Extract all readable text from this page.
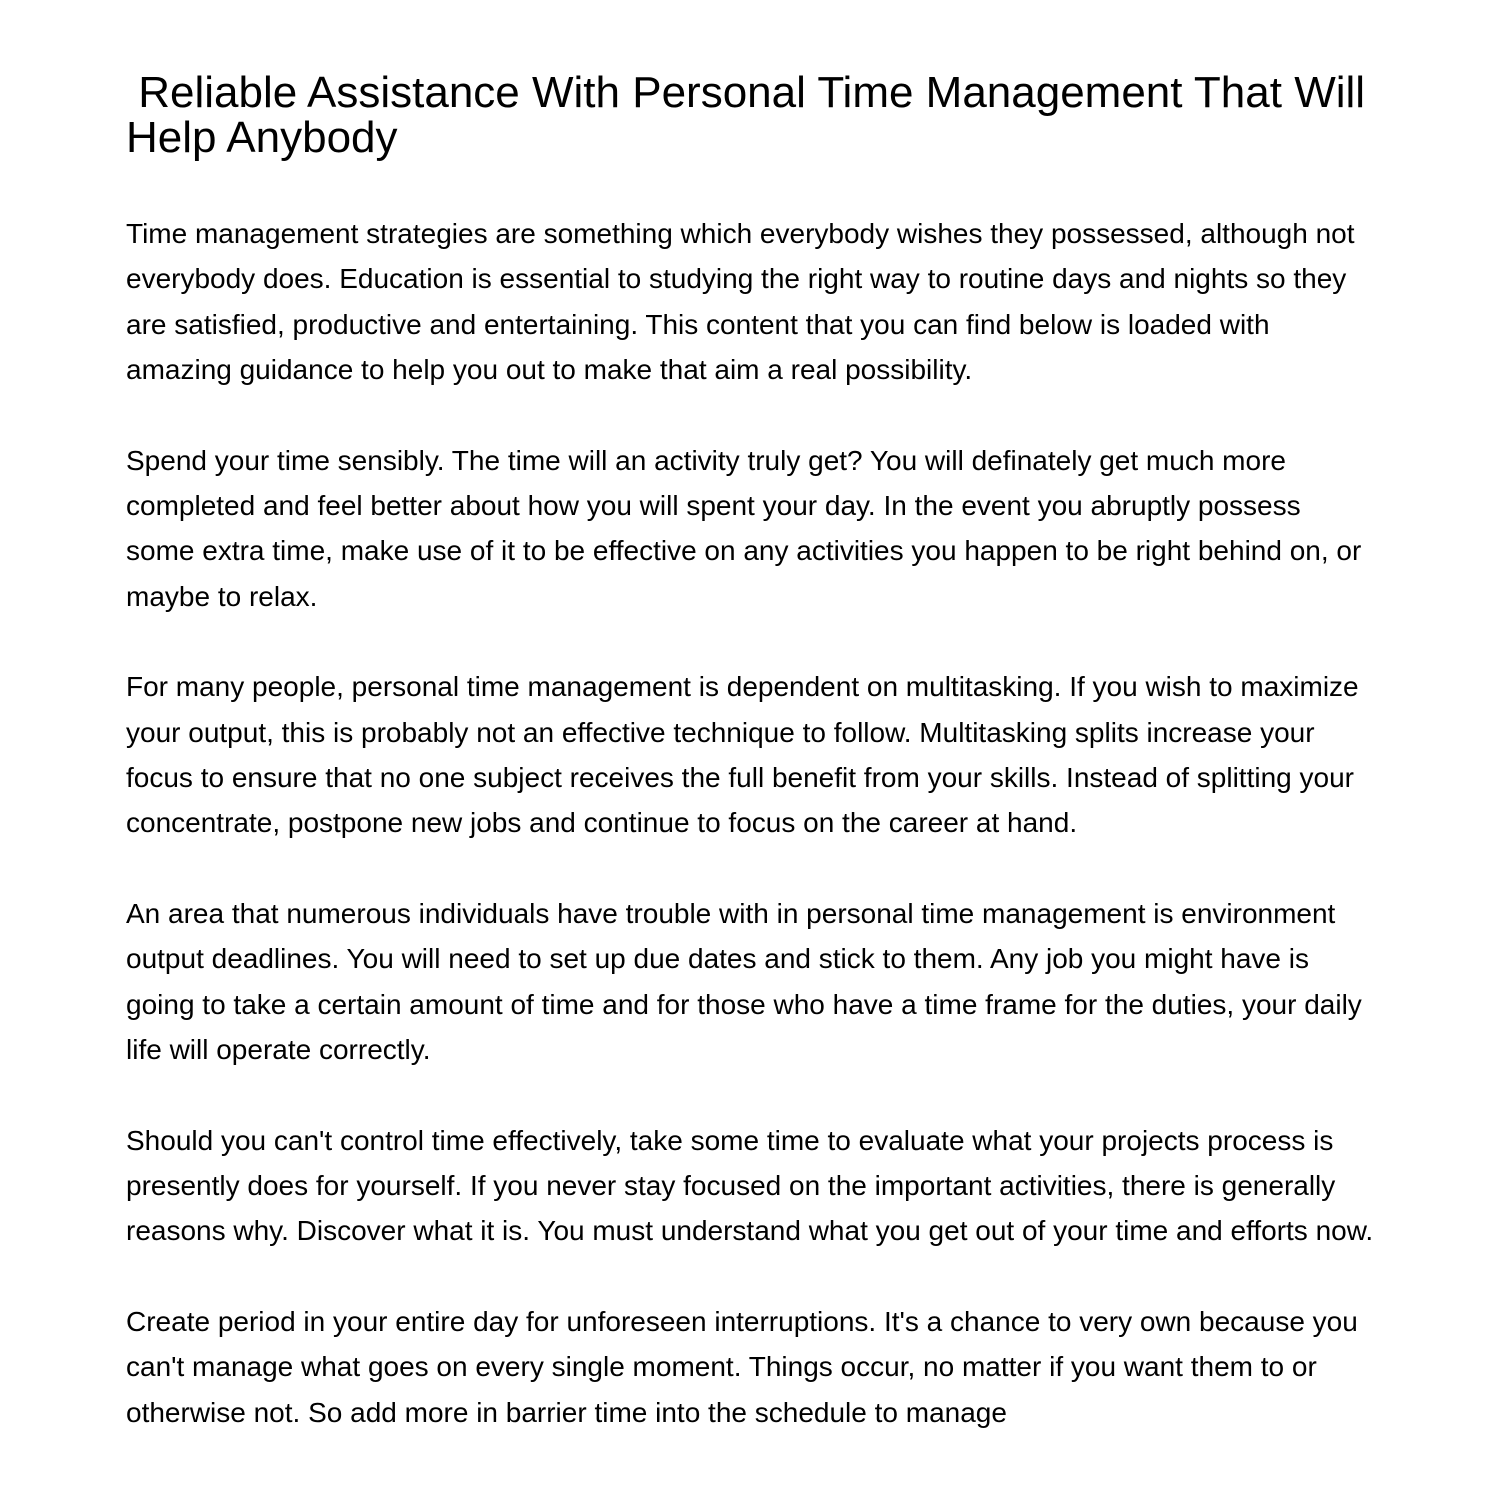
Reliable Assistance With Personal Time Management That Will Help Anybody

Time management strategies are something which everybody wishes they possessed, although not everybody does. Education is essential to studying the right way to routine days and nights so they are satisfied, productive and entertaining. This content that you can find below is loaded with amazing guidance to help you out to make that aim a real possibility.

Spend your time sensibly. The time will an activity truly get? You will definately get much more completed and feel better about how you will spent your day. In the event you abruptly possess some extra time, make use of it to be effective on any activities you happen to be right behind on, or maybe to relax.

For many people, personal time management is dependent on multitasking. If you wish to maximize your output, this is probably not an effective technique to follow. Multitasking splits increase your focus to ensure that no one subject receives the full benefit from your skills. Instead of splitting your concentrate, postpone new jobs and continue to focus on the career at hand.

An area that numerous individuals have trouble with in personal time management is environment output deadlines. You will need to set up due dates and stick to them. Any job you might have is going to take a certain amount of time and for those who have a time frame for the duties, your daily life will operate correctly.

Should you can't control time effectively, take some time to evaluate what your projects process is presently does for yourself. If you never stay focused on the important activities, there is generally reasons why. Discover what it is. You must understand what you get out of your time and efforts now.

Create period in your entire day for unforeseen interruptions. It's a chance to very own because you can't manage what goes on every single moment. Things occur, no matter if you want them to or otherwise not. So add more in barrier time into the schedule to manage
